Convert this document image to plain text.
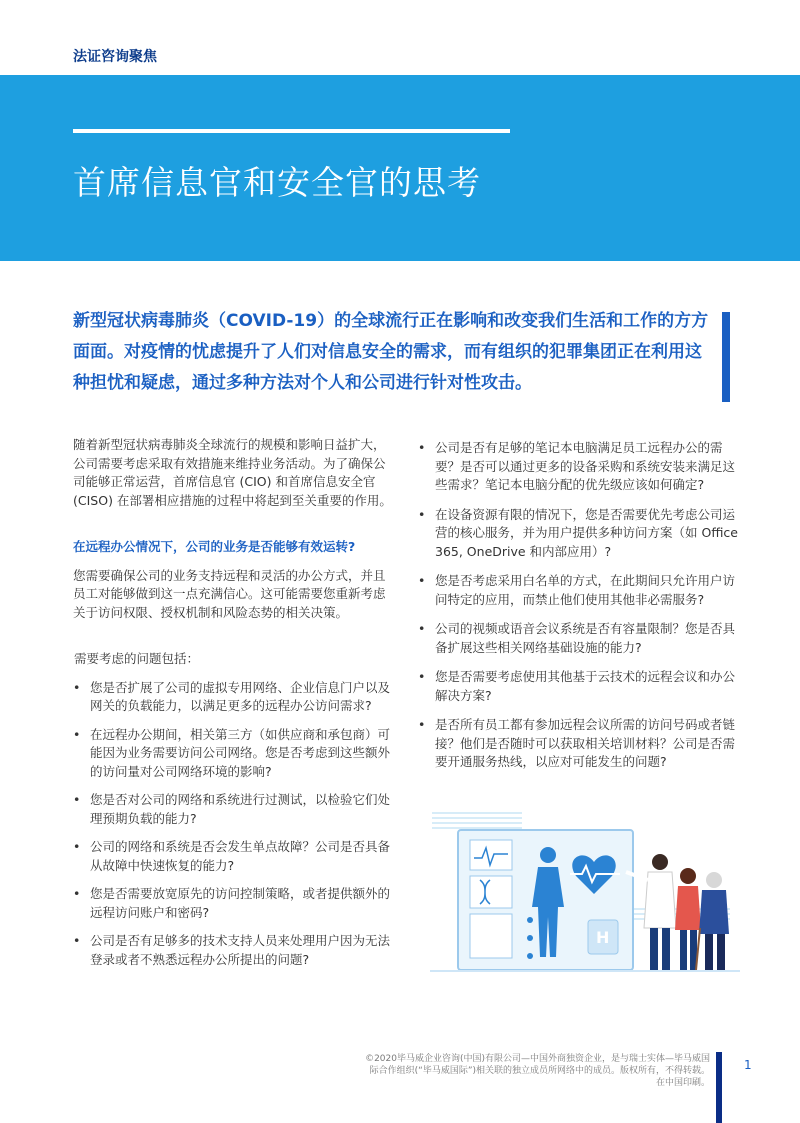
法证咨询聚焦
首席信息官和安全官的思考
新型冠状病毒肺炎（COVID-19）的全球流行正在影响和改变我们生活和工作的方方面面。对疫情的忧虑提升了人们对信息安全的需求，而有组织的犯罪集团正在利用这种担忧和疑虑，通过多种方法对个人和公司进行针对性攻击。

随着新型冠状病毒肺炎全球流行的规模和影响日益扩大，公司需要考虑采取有效措施来维持业务活动。为了确保公司能够正常运营，首席信息官 (CIO) 和首席信息安全官 (CISO) 在部署相应措施的过程中将起到至关重要的作用。

在远程办公情况下，公司的业务是否能够有效运转?

您需要确保公司的业务支持远程和灵活的办公方式，并且员工对能够做到这一点充满信心。这可能需要您重新考虑关于访问权限、授权机制和风险态势的相关决策。

需要考虑的问题包括：

• 您是否扩展了公司的虚拟专用网络、企业信息门户以及网关的负载能力，以满足更多的远程办公访问需求?
• 在远程办公期间，相关第三方（如供应商和承包商）可能因为业务需要访问公司网络。您是否考虑到这些额外的访问量对公司网络环境的影响?
• 您是否对公司的网络和系统进行过测试，以检验它们处理预期负载的能力?
• 公司的网络和系统是否会发生单点故障？公司是否具备从故障中快速恢复的能力?
• 您是否需要放宽原先的访问控制策略，或者提供额外的远程访问账户和密码?
• 公司是否有足够多的技术支持人员来处理用户因为无法登录或者不熟悉远程办公所提出的问题?
• 公司是否有足够的笔记本电脑满足员工远程办公的需要？是否可以通过更多的设备采购和系统安装来满足这些需求？笔记本电脑分配的优先级应该如何确定?
• 在设备资源有限的情况下，您是否需要优先考虑公司运营的核心服务，并为用户提供多种访问方案（如 Office 365, OneDrive 和内部应用）?
• 您是否考虑采用白名单的方式，在此期间只允许用户访问特定的应用，而禁止他们使用其他非必需服务?
• 公司的视频或语音会议系统是否有容量限制？您是否具备扩展这些相关网络基础设施的能力?
• 您是否需要考虑使用其他基于云技术的远程会议和办公解决方案?
• 是否所有员工都有参加远程会议所需的访问号码或者链接？他们是否随时可以获取相关培训材料？公司是否需要开通服务热线，以应对可能发生的问题?
H
©2020毕马威企业咨询(中国)有限公司—中国外商独资企业，是与瑞士实体—毕马威国
际合作组织(“毕马威国际”)相关联的独立成员所网络中的成员。版权所有，不得转载。
在中国印刷。
1
